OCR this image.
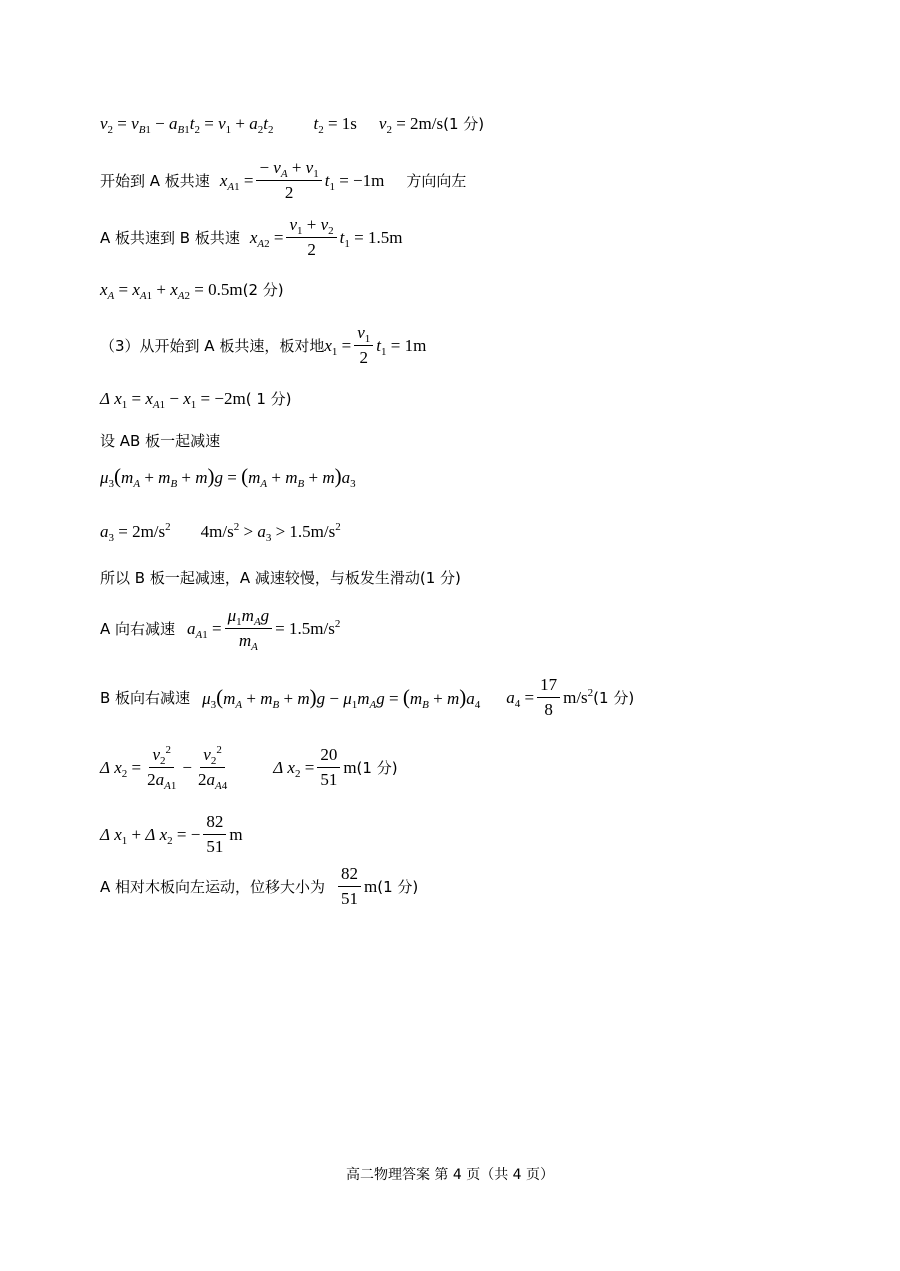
$v_2 = v_{B1} - a_{B1}t_2 = v_1 + a_2t_2$ $t_2 = 1s$ $v_2 = 2m/s$ (1 分)
开始到 A 板共速 $x_{A1} = \frac{- v_A + v_1}{2} t_1 = -1m$ 方向向左
A 板共速到 B 板共速 $x_{A2} = \frac{v_1 + v_2}{2} t_1 = 1.5m$
$x_A = x_{A1} + x_{A2} = 0.5m$ (2 分)
（3）从开始到 A 板共速，板对地 $x_1 = \frac{v_1}{2} t_1 = 1m$
Δ $x_1 = x_{A1} - x_1 = -2m$ ( 1 分)
设 AB 板一起减速
$\mu_3(m_A + m_B + m)g = (m_A + m_B + m)a_3$
$a_3 = 2m/s^2$ $4m/s^2 > a_3 > 1.5m/s^2$
所以 B 板一起减速，A 减速较慢，与板发生滑动(1 分)
A 向右减速 $a_{A1} = \frac{\mu_1m_Ag}{m_A} = 1.5m/s^2$
B 板向右减速 $\mu_3(m_A + m_B + m)g - \mu_1m_Ag = (m_B + m)a_4$ $a_4 = \frac{17}{8} m/s^2$ (1 分)
Δ $x_2 = \frac{v_2^2}{2a_{A1}} - \frac{v_2^2}{2a_{A4}}$	Δ $x_2 = \frac{20}{51}$ m (1 分)
Δ $x_1 + \Delta$ $x_2$ = − $\frac{82}{51}$ m
A 相对木板向左运动，位移大小为 $\frac{82}{51}$ m (1 分)
高二物理答案 第 4 页（共 4 页）
